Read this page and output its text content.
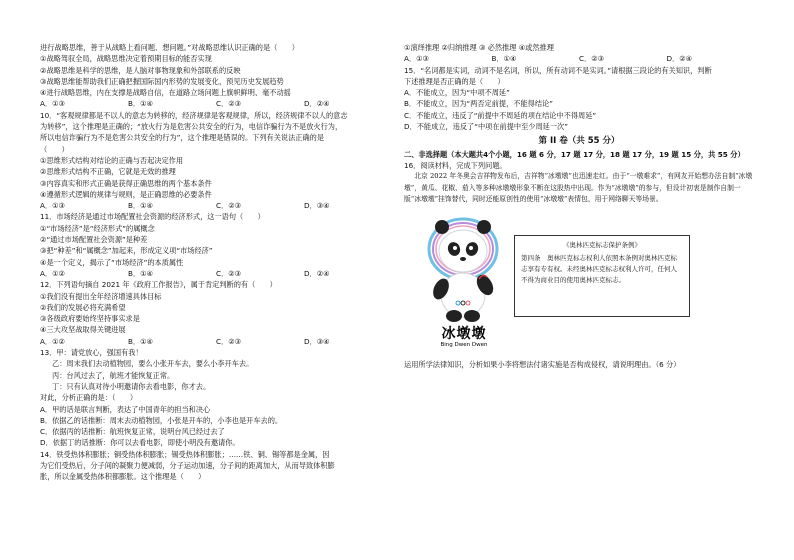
进行战略思维，善于从战略上看问题、想问题。”对战略思维认识正确的是（　　）
①战略驾驭全局，战略思维决定着预期目标的能否实现
②战略思维是科学的思维，是人脑对事物现象和外部联系的反映
③战略思维能帮助我们正确把握国际国内形势的发展变化，预见历史发展趋势
④进行战略思维，内在支撑是战略自信，在道路立场问题上旗帜鲜明、毫不动摇
A．①③	B．①④	C．②③	D．②④
10．“客观规律都是不以人的意志为转移的，经济规律是客观规律，所以，经济规律不以人的意志
为转移”，这个推理是正确的；“放火行为是危害公共安全的行为，电信诈骗行为不是放火行为，
所以电信诈骗行为不是危害公共安全的行为”，这个推理是错误的。下列有关说法正确的是
（　　）
①思维形式结构对结论的正确与否起决定作用
②思维形式结构不正确，它就是无效的推理
③内容真实和形式正确是获得正确思维的两个基本条件
④遵循形式逻辑的规律与规则，是正确思维的必要条件
A．①③	B．①④	C．②③	D．③④
11．市场经济是通过市场配置社会资源的经济形式，这一语句（　　）
①“市场经济”是“经济形式”的属概念
②“通过市场配置社会资源”是种差
③把“种差”和“属概念”加起来，形成定义项“市场经济”
④是一个定义，揭示了“市场经济”的本质属性
A．①②	B．①④	C．②③	D．②④
12．下列语句摘自 2021 年《政府工作报告》，属于肯定判断的有（　　）
①我们没有提出全年经济增速具体目标
②我们的发展必将充满希望
③各级政府要始终坚持事实求是
④三大攻坚战取得关键进展
A．①②	B．①④	C．②③	D．③④
13．甲：请党放心，强国有我！
乙：周末我们去动植物园，要么小张开车去，要么小李开车去。
丙：台风过去了，航班才能恢复正常。
丁：只有认真对待小明邀请你去看电影，你才去。
对此，分析正确的是：（　　）
A．甲的话是联言判断，表达了中国青年的担当和决心
B．依据乙的话推断：周末去动植物园，小张是开车的，小李也是开车去的。
C．依据丙的话推断：航班恢复正常，说明台风已经过去了
D．依据丁的话推断：你可以去看电影，即使小明没有邀请你。
14．铁受热体积膨胀；铜受热体积膨胀；锡受热体积膨胀；……铁、铜、锡等都是金属，因
为它们受热后，分子间的凝聚力便减弱，分子运动加速，分子间的距离加大，从而导致体积膨
胀，所以金属受热体积都膨胀。这个推理是（　　）
①演绎推理 ②归纳推理 ③ 必然推理 ④或然推理
A．①③	B．①④	C．②③	D．②④
15．“名词都是实词，动词不是名词，所以，所有动词不是实词。”请根据三段论的有关知识，判断
下述推理是否正确的是（　　）
A．不能成立，因为“中项不周延”
B．不能成立，因为“两否定前提，不能得结论”
C．不能成立，违反了“前提中不周延的项在结论中不得周延”
D．不能成立，违反了“中项在前提中至少周延一次”
第 II 卷（共 55 分）
二、非选择题（本大题共4个小题，16 题 6 分，17 题 17 分，18 题 17 分，19 题 15 分，共 55 分）
16．阅读材料，完成下列问题。
北京 2022 年冬奥会吉祥物发布后，吉祥物“冰墩墩”也迅速走红。由于“一墩难求”，有网友开始想办法自制“冰墩墩”，黄瓜、花椒、茄入等多种冰墩墩形象不断在这股热中出现。作为“冰墩墩”的参与，但设计初衷是制作自制一版“冰墩墩”挂饰替代，同时还能原创性的使用“冰墩墩”表情包，用于网络聊天等场景。
冰墩墩
Bing Dwen Dwen
《奥林匹克标志保护条例》
第四条　奥林匹克标志权利人依照本条例对奥林匹克标志享有专有权。未经奥林匹克标志权利人许可，任何人不得为商业目的使用奥林匹克标志。
运用所学法律知识，分析如果小李将想法付诸实施是否构成侵权，请说明理由。（6 分）
